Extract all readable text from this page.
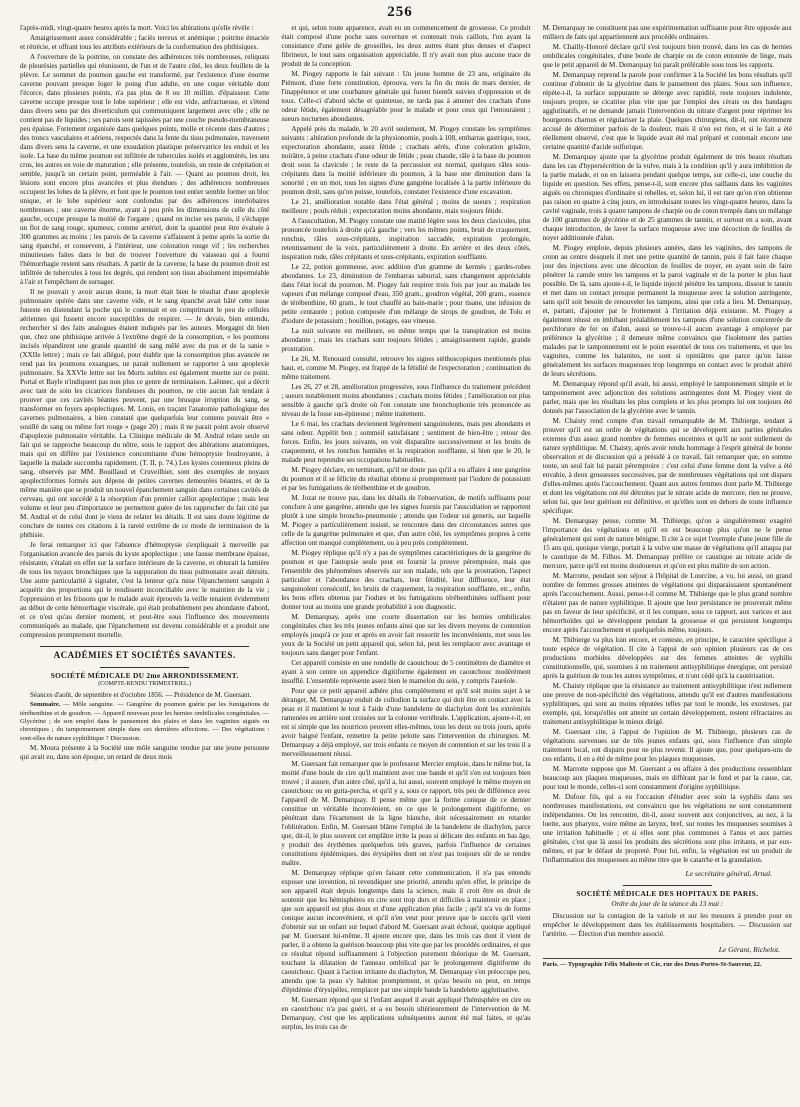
256

l'après-midi, vingt-quatre heures après la mort. Voici les altérations qu'elle révèle :

Amaigrissement assez considérable ; faciès terreux et anémique ; poitrine émaciée et rétrécie, et offrant tous les attributs extérieurs de la conformation des phthisiques.

A l'ouverture de la poitrine, on constate des adhérences très nombreuses, reliquats de pleurésies partielles qui réunissent, de l'un et de l'autre côté, les deux feuillets de la plèvre. Le sommet du poumon gauche est transformé, par l'existence d'une énorme caverne pouvant presque loger le poing d'un adulte, en une coque véritable dont l'écorce, dans plusieurs points, n'a pas plus de 8 ou 10 millim. d'épaisseur. Cette caverne occupe presque tout le lobe supérieur ; elle est vide, anfractueuse, et s'étend dans divers sens par des diverticulum qui communiquent largement avec elle ; elle ne contient pas de liquides ; ses parois sont tapissées par une couche pseudo-membraneuse peu épaisse. Fortement organisée dans quelques points, molle et récente dans d'autres ; des troncs vasculaires et aériens, respectés dans la fente du tissu pulmonaire, traversent dans divers sens la caverne, et une exsudation plastique préservatrice les enduit et les isole. La base du même poumon est infiltrée de tubercules isolés et agglomérés, les uns crus, les autres en voie de maturation ; elle présente, toutefois, un reste de crépitation et semble, jusqu'à un certain point, perméable à l'air. — Quant au poumon droit, les lésions sont encore plus avancées et plus étendues ; des adhérences nombreuses occupent les lobes de la plèvre, et font que le poumon tout entier semble former un bloc unique, et le lobe supérieur sont confondus par des adhérences interlobaires nombreuses ; une caverne énorme, ayant à peu près les dimensions de celle du côté gauche, occupe presque la moitié de l'organe ; quand on incise ses parois, il s'échappe un flot de sang rouge, spumeux, comme artériel, dont la quantité peut être évaluée à 300 grammes au moins ; les parois de la caverne s'affaissent à peine après la sortie du sang épanché, et conservent, à l'intérieur, une coloration rouge vif ; les recherches minutieuses faites dans le but de trouver l'ouverture du vaisseau qui a fourni l'hémorrhagie restent sans résultats. A partir de la caverne, la base du poumon droit est infiltrée de tubercules à tous les degrés, qui rendent son tissu absolument imperméable à l'air et l'empêchent de surnager.

Il ne pouvait y avoir aucun doute, la mort était bien le résultat d'une apoplexie pulmonaire opérée dans une caverne vide, et le sang épanché avait hâté cette issue funeste en distendant la poche qui le contenait et en comprimant le peu de cellules aériennes qui fussent encore susceptibles de respirer. — Je devais, bien entendu, rechercher si des faits analogues étaient indiqués par les auteurs. Morgagni dit bien que, chez une phthisique arrivée à l'extrême degré de la consomption, « les poumons incisés répandirent une grande quantité de sang mêlé avec du pus et de la sanie » (XXIIe lettre) ; mais ce fait allégué, pour établir que la consomption plus avancée ne rend pas les poumons exsangues, ne parait nullement se rapporter à une apoplexie pulmonaire. Sa XXVIe lettre sur les Morts subites est également muette sur ce point. Portal et Bayle n'indiquent pas non plus ce genre de terminaison. Laënnec, qui a décrit avec tant de soin les cicatrices fistuleuses du poumon, ne cite aucun fait tendant à prouver que ces cavités béantes peuvent, par une brusque irruption du sang, se transformer en foyers apoplectiques. M. Louis, en traçant l'anatomie pathologique des cavernes pulmonaires, a bien constaté que quelquefois leur contenu pouvait être « souillé de sang ou même fort rouge » (page 20) ; mais il ne parait point avoir observé d'apoplexie pulmonaire véritable. La Clinique médicale de M. Andral relate seule un fait qui se rapproche beaucoup du nôtre, sous le rapport des altérations anatomiques, mais qui en diffère par l'existence concomitante d'une hémoptysie foudroyante, à laquelle la malade succomba rapidement. (T. II, p. 74.) Les kystes couenneux pleins de sang, observés par MM. Bouillaud et Cruveilhier, sont des exemples de noyaux apoplectiformes formés aux dépens de petites cavernes demeurées béantes, et de la même manière que se produit un nouvel épanchement sanguin dans certaines cavités de cerveau, qui ont succédé à la résorption d'un premier caillot apoplectique ; mais leur volume et leur peu d'importance ne permettent guère de les rapprocher du fait cité par M. Andral et de celui dont je viens de relater les détails. Il est sans doute légitime de conclure de toutes ces citations à la rareté extrême de ce mode de terminaison de la phthisie.

Je ferai remarquer ici que l'absence d'hémoptysie s'expliquait à merveille par l'organisation avancée des parois du kyste apoplectique ; une fausse membrane épaisse, résistante, s'étalait en effet sur la surface intérieure de la caverne, et obturait la lumière de tous les tuyaux bronchiques que la suppuration du tissu pulmonaire avait détruits. Une autre particularité à signaler, c'est la lenteur qu'a mise l'épanchement sanguin à acquérir des proportions qui le rendissent inconciliable avec le maintien de la vie ; l'oppression et les frissons que le malade avait éprouvés la veille tenaient évidemment au début de cette hémorrhagie viscérale, qui était probablement peu abondante d'abord, et ce n'est qu'au dernier moment, et peut-être sous l'influence des mouvements communiqués au malade, que l'épanchement est devenu considérable et a produit une compression promptement mortelle.

ACADÉMIES ET SOCIÉTÉS SAVANTES.
SOCIÉTÉ MÉDICALE DU 2me ARRONDISSEMENT.
(COMPTE-RENDU TRIMESTRIEL.)

Séances d'août, de septembre et d'octobre 1856. — Présidence de M. Guersant.

Sommaire. — Môle sanguine. — Gangrène du poumon guérie par les fumigations de térébenthine et de goudron. — Appareil nouveau pour les hernies ombilicales congénitales. — Glycérine ; de son emploi dans le pansement des plaies et dans les vaginites aiguës ou chroniques ; du tamponnement simple dans ces dernières affections. — Des végétations : sont-elles de nature syphilitique ? Discussion.

M. Moura présente à la Société une môle sanguine rendue par une jeune personne qui avait eu, dans son époque, un retard de deux mois

et qui, selon toute apparence, avait eu un commencement de grossesse. Ce produit était composé d'une poche sans ouverture et contenait trois caillots, l'un ayant la consistance d'une gelée de groseilles, les deux autres étant plus denses et d'aspect fibrineux, le tout sans organisation appréciable. Il n'y avait non plus aucune trace de produit de la conception.

M. Piogey rapporte le fait suivant : Un jeune homme de 23 ans, originaire du Piémont, d'une forte constitution, éprouva, vers la fin du mois de mars dernier, de l'inappétence et une courbature générale qui furent bientôt suivies d'oppression et de toux. Celle-ci d'abord sèche et quinteuse, ne tarda pas à amener des crachats d'une odeur fétide, également désagréable pour le malade et pour ceux qui l'entouraient ; sueurs nocturnes abondantes.

Appelé près du malade, le 20 avril seulement, M. Piogey constate les symptômes suivants : altération profonde de la physionomie, pouls à 108, embarras gastrique, toux, expectoration abondante, assez fétide ; crachats aérés, d'une coloration grisâtre, noirâtre, à peine crachats d'une odeur de fétide ; peau chaude, râle à la base du poumon droit sous la clavicule ; le reste de la percussion est normal, quelques râles sous-crépitants dans la moitié inférieure du poumon, à la base une diminution dans la sonorité ; en un mot, tous les signes d'une gangrène localisée à la partie inférieure du poumon droit, sans qu'on puisse, toutefois, constater l'existence d'une excavation.

Le 21, amélioration notable dans l'état général ; moins de sueurs ; respiration meilleure ; pouls réduit ; expectoration moins abondante, mais toujours fétide.

A l'auscultation, M. Piogey constate une matité légère sous les deux clavicules, plus prononcée toutefois à droite qu'à gauche ; vers les mêmes points, bruit de craquement, ronchus, râles sous-crépitants, inspiration saccadée, expiration prolongée, retentissement de la voix, particulièrement à droite. En arrière et des deux côtés, inspiration rude, râles crépitants et sous-crépitants, expiration soufflante.

Le 22, potion gommeuse, avec addition d'un gramme de kermès ; gardes-robes abondantes. Le 23, diminution de l'embarras saburral, sans changement appréciable dans l'état local du poumon. M. Piogey fait respirer trois fois par jour au malade les vapeurs d'un mélange composé d'eau, 350 gram., goudron végétal, 200 gram., essence de térébenthine, 60 gram., le tout chauffé au bain-marie ; pour tisane, une infusion de petite centaurée ; potion composée d'un mélange de sirops de goudron, de Tolu et d'iodure de potassium ; bouillon, potages, eau vineuse.

La nuit suivante est meilleure, en même temps que la transpiration est moins abondante ; mais les crachats sont toujours fétides ; amaigrissement rapide, grande prostration.

Le 26, M. Renouard consulté, retrouve les signes stéthoscopiques mentionnés plus haut, et, comme M. Piogey, est frappé de la fétidité de l'expectoration ; continuation du même traitement.

Les 26, 27 et 28, amélioration progressive, sous l'influence du traitement précédent ; sueurs notablement moins abondantes ; crachats moins fétides ; l'amélioration est plus sensible à gauche qu'à droite où l'on constate une bronchophonie très prononcée au niveau de la fosse sus-épineuse ; même traitement.

Le 6 mai, les crachats deviennent légèrement sanguinolents, mais peu abondants et sans odeur. Appétit bon ; sommeil satisfaisant ; sentiment de bien-être ; retour des forces. Enfin, les jours suivants, on voit disparaître successivement et les bruits de craquement, et les ronchus humides et la respiration soufflante, si bien que le 20, le malade peut reprendre ses occupations habituelles.

M. Piogey déclare, en terminant, qu'il ne doute pas qu'il a eu affaire à une gangrène du poumon et il se félicite du résultat obtenu si promptement par l'iodure de potassium et par les fumigations de térébenthine et de goudron.

M. Jozat ne trouve pas, dans les détails de l'observation, de motifs suffisants pour conclure à une gangrène, attendu que les signes fournis par l'auscultation se rapportent plutôt à une simple broncho-pneumonie ; attendu que l'odeur sui generis, sur laquelle M. Piogey a particulièrement insisté, se rencontre dans des circonstances autres que celle de la gangrène pulmonaire et que, d'un autre côté, les symptômes propres à cette affection ont manqué complètement, ou à peu près complètement.

M. Piogey réplique qu'il n'y a pas de symptômes caractéristiques de la gangrène du poumon et que l'autopsie seule peut en fournir la preuve péremptoire, mais que l'ensemble des phénomènes observés sur son malade, tels que la prostration, l'aspect particulier et l'abondance des crachats, leur fétidité, leur diffluence, leur état sanguinolent consécutif, les bruits de craquement, la respiration soufflante, etc., enfin, les bons effets obtenus par l'iodure et les fumigations térébenthinées suffisent pour donner tout au moins une grande probabilité à son diagnostic.

M. Demarquay, après une courte dissertation sur les hernies ombilicales congénitales chez les très jeunes enfants ainsi que sur les divers moyens de contention employés jusqu'à ce jour et après en avoir fait ressortir les inconvénients, met sous les yeux de la Société un petit appareil qui, selon lui, peut les remplacer avec avantage et toujours sans danger pour l'enfant.

Cet appareil consiste en une rondelle de caoutchouc de 5 centimètres de diamètre et ayant à son centre un appendice digitiforme également en caoutchouc modérément insufflé. L'ensemble représente assez bien le mamelon du sein, y compris l'auréole.

Pour que ce petit appareil adhère plus complètement et qu'il soit moins sujet à se déranger, M. Demarquay enduit de collodion la surface qui doit être en contact avec la peau et il maintient le tout à l'aide d'une bandelette de diachylon dont les extrémités ramenées en arrière sont croisées sur la colonne vertébrale. L'application, ajoute-t-il, en est si simple que les nourrices peuvent elles-mêmes, tous les deux ou trois jours, après avoir baigné l'enfant, remettre la petite pelotte sans l'intervention du chirurgien. M. Demarquay a déjà employé, sur trois enfants ce moyen de contention et sur les trois il a merveilleusement réussi.

M. Guersant fait remarquer que le professeur Mercier emploie, dans le même but, la moitié d'une boule de cire qu'il maintient avec une bande et qu'il s'en est toujours bien trouvé ; il assure, d'un autre côté, qu'il a, lui aussi, souvent employé le même moyen en caoutchouc ou en gutta-percha, et qu'il y a, sous ce rapport, très peu de différence avec l'appareil de M. Demarquay. Il pense même que la forme conique de ce dernier constitue un véritable inconvénient, en ce que le prolongement digitiforme, en pénétrant dans l'écartement de la ligne blanche, doit nécessairement en retarder l'oblitération. Enfin, M. Guersant blâme l'emploi de la bandelette de diachylon, parce que, dit-il, le plus souvent cet emplâtre irrite la peau si délicate des enfants en bas âge, y produit des érythèmes quelquefois très graves, parfois l'influence de certaines constitutions épidémiques, des érysipèles dont on n'est pas toujours sûr de se rendre maître.

M. Demarquay réplique qu'en faisant cette communication, il n'a pas entendu exposer une invention, ni revendiquer une priorité, attendu qu'en effet, le principe de son appareil était depuis longtemps dans la science, mais il croit être en droit de soutenir que les hémisphères en cire sont trop durs et difficiles à maintenir en place ; que son appareil est plus doux et d'une application plus facile ; qu'il n'a vu de forme conique aucun inconvénient, et qu'il n'en veut pour preuve que le succès qu'il vient d'obtenir sur un enfant sur lequel d'abord M. Guersant avait échoué, quoique appliqué par M. Guersant lui-même. Il ajoute encore que, dans les trois cas dont il vient de parler, il a obtenu la guérison beaucoup plus vite que par les procédés ordinaires, et que ce résultat répond suffisamment à l'objection purement théorique de M. Guersant, touchant la dilatation de l'anneau ombilical par le prolongement digitiforme du caoutchouc. Quant à l'action irritante du diachylon, M. Demarquay s'en préoccupe peu, attendu que la peau s'y habitue promptement, et qu'au besoin on peut, en temps d'épidémie d'érysipèles, remplacer par une simple bande la bandelette agglutinative.

M. Guersant répond que si l'enfant auquel il avait appliqué l'hémisphère en cire ou en caoutchouc n'a pas guéri, et a eu besoin ultérieurement de l'intervention de M. Demarquay, c'est que les applications subséquentes auront été mal faites, et qu'au surplus, les trois cas de

M. Demarquay ne constituent pas une expérimentation suffisante pour être opposée aux milliers de faits qui appartiennent aux procédés ordinaires.

M. Chailly-Honoré déclare qu'il s'est toujours bien trouvé, dans les cas de hernies ombilicales congénitales, d'une boule de charpie ou de coton entourée de linge, mais que le petit appareil de M. Demarquay lui paraît préférable sous tous les rapports.

M. Demarquay reprend la parole pour confirmer à la Société les bons résultats qu'il continue d'obtenir de la glycérine dans le pansement des plaies. Sous son influence, répète-t-il, la surface suppurante se déterge avec rapidité, reste toujours indolente, toujours propre, se cicatrise plus vite que par l'emploi des cérats ou des bandages agglutinatifs, et ne demande jamais l'intervention du nitrate d'argent pour réprimer les bourgeons charnus et régulariser la plaie. Quelques chirurgiens, dit-il, ont récemment accusé de déterminer parfois de la douleur, mais il n'en est rien, et si le fait a été réellement observé, c'est que le liquide avait été mal préparé et contenait encore une certaine quantité d'acide sulfurique.

M. Demarquay ajoute que la glycérine produit également de très beaux résultats dans les cas d'hypersécrétion de la vulve, mais à la condition qu'il y aura imbibition de la partie malade, et on en laissera pendant quelque temps, sur celle-ci, une couche du liquide en question. Ses effets, pense-t-il, sont encore plus saillants dans les vaginites aiguës ou chroniques d'ordinaire si rebelles, et, selon lui, il est rare qu'on n'en obtienne pas raison en quatre à cinq jours, en introduisant toutes les vingt-quatre heures, dans la cavité vaginale, trois à quatre tampons de charpie ou de coton trempés dans un mélange de 100 grammes de glycérine et de 25 grammes de tannin, et surtout en a soin, avant chaque introduction, de laver la surface muqueuse avec une décoction de feuilles de noyer additionnée d'alun.

M. Piogey emploie, depuis plusieurs années, dans les vaginites, des tampons de coton au centre desquels il met une petite quantité de tannin, puis il fait faire chaque jour des injections avec une décoction de feuilles de noyer, en ayant soin de faire pénétrer la canule entre les tampons et la paroi vaginale et de la porter le plus haut possible. De là, sans ajoute-t-il, le liquide injecté pénètre les tampons, dissout le tannin et met dans un contact presque permanent la muqueuse avec la solution astringente, sans qu'il soit besoin de renouveler les tampons, ainsi que cela a lieu. M. Demarquay, et, partant, d'ajouter par le frottement à l'irritation déjà existante. M. Piogey a également réussi en imbibant préalablement les tampons d'une solution concentrée de perchlorure de fer ou d'alun, aussi se trouve-t-il aucun avantage à employer par préférence la glycérine ; il demeure même convaincu que l'isolement des parties malades par le tamponnement est le point essentiel de tous ces traitements, et que les vaginites, comme les balanites, ne sont si opiniâtres que parce qu'on laisse généralement les surfaces muqueuses trop longtemps en contact avec le produit altéré de leurs sécrétions.

M. Demarquay répond qu'il avait, lui aussi, employé le tamponnement simple et le tamponnement avec adjonction des solutions astringentes dont M. Piogey vient de parler, mais que les résultats les plus complets et les plus prompts lui ont toujours été donnés par l'association de la glycérine avec le tannin.

M. Chaisty rend compte d'un travail remarquable de M. Thibierge, tendant à prouver qu'il est un ordre de végétations qui se développent aux parties génitales externes d'un assez grand nombre de femmes enceintes et qu'il ne sont nullement de nature syphilitique. M. Chaisty, après avoir rendu hommage à l'esprit général de bonne observation et de discussion qui a présidé à ce travail, fait remarquer que, en somme toute, un seul fait lui parait péremptoire : c'est celui d'une femme dont la vulve a été envahie, à deux grossesses successives, par de nombreuses végétations qui ont disparu d'elles-mêmes après l'accouchement. Quant aux autres femmes dont parle M. Thibierge et dont les végétations ont été détruites par le nitrate acide de mercure, rien ne prouve, selon lui, que leur guérison est définitive, et qu'elles sont en dehors de toute influence spécifique.

M. Demarquay pense, comme M. Thibierge, qu'on a singulièrement exagéré l'importance des végétations et qu'il en est beaucoup plus qu'on ne le pense généralement qui sont de nature bénigne. Il cite à ce sujet l'exemple d'une jeune fille de 15 ans qui, quoique vierge, portait à la vulve une masse de végétations qu'il attaqua par le caustique de M. Filhos. M. Demarquay préfère ce caustique au nitrate acide de mercure, parce qu'il est moins douloureux et qu'on est plus maître de son action.

M. Marrotte, pendant son séjour à l'hôpital de Lourcine, a vu, lui aussi, un grand nombre de femmes grosses atteintes de végétations qui disparaissaient spontanément après l'accouchement. Aussi, pense-t-il comme M. Thibierge que le plus grand nombre n'étaient pas de nature syphilitique. Il ajoute que leur persistance ne prouverait même pas en faveur de leur spécificité, et il les compare, sous ce rapport, aux varices et aux hémorrhoïdes qui se développent pendant la grossesse et qui persistent longtemps encore après l'accouchement et quelquefois même, toujours.

M. Thibierge va plus loin encore, et conteste, en principe, le caractère spécifique à toute espèce de végétation. Il cite à l'appui de son opinion plusieurs cas de ces productions morbides développées sur des femmes atteintes de syphilis constitutionnelle, qui, soumises à un traitement antisyphilitique énergique, ont persisté après la guérison de tous les autres symptômes, et n'ont cédé qu'à la cautérisation.

M. Chaisty réplique que la résistance au traitement antisyphilitique n'est nullement une preuve de non-spécificité des végétations, attendu qu'il est d'autres manifestations syphilitiques, qui sont au moins réputées telles par tout le monde, les exostoses, par exemple, qui, lorsqu'elles ont atteint un certain développement, restent réfractaires au traitement antisyphilitique le mieux dirigé.

M. Guersant cite, à l'appui de l'opinion de M. Thibierge, plusieurs cas de végétations survenues sur de très jeunes enfants qui, sous l'influence d'un simple traitement local, ont disparu pour ne plus revenir. Il ajoute que, pour quelques-uns de ces enfants, il en a été de même pour les plaques muqueuses.

M. Marrotte suppose que M. Guersant a eu affaire à des productions ressemblant beaucoup aux plaques muqueuses, mais en différant par le fond et par la cause, car, pour tout le monde, celles-ci sont constamment d'origine syphilitique.

M. Dufour fils, qui a eu l'occasion d'étudier avec soin la syphilis dans ses nombreuses manifestations, est convaincu que les végétations ne sont constamment indépendantes. On les rencontre, dit-il, assez souvent aux conjonctives, au nez, à la luette, aux pharynx, voire même au larynx, bref, sur toutes les muqueuses soumises à une irritation habituelle ; et si elles sont plus communes à l'anus et aux parties génitales, c'est que là aussi les produits des sécrétions sont plus irritants, et par eux-mêmes, et par le défaut de propreté. Pour lui, enfin, la végétation est un produit de l'inflammation des muqueuses au même titre que le catarrhe et la granulation.

Le secrétaire général, Arnal.
SOCIÉTÉ MÉDICALE DES HOPITAUX DE PARIS.
Ordre du jour de la séance du 13 mai :

Discussion sur la contagion de la variole et sur les mesures à prendre pour en empêcher le développement dans les établissements hospitaliers. — Discussion sur l'artérite. — Élection d'un membre associé.

Le Gérant, Richelot.
Paris. — Typographie Félix Malteste et Cie, rue des Deux-Portes-St-Sauveur, 22.
